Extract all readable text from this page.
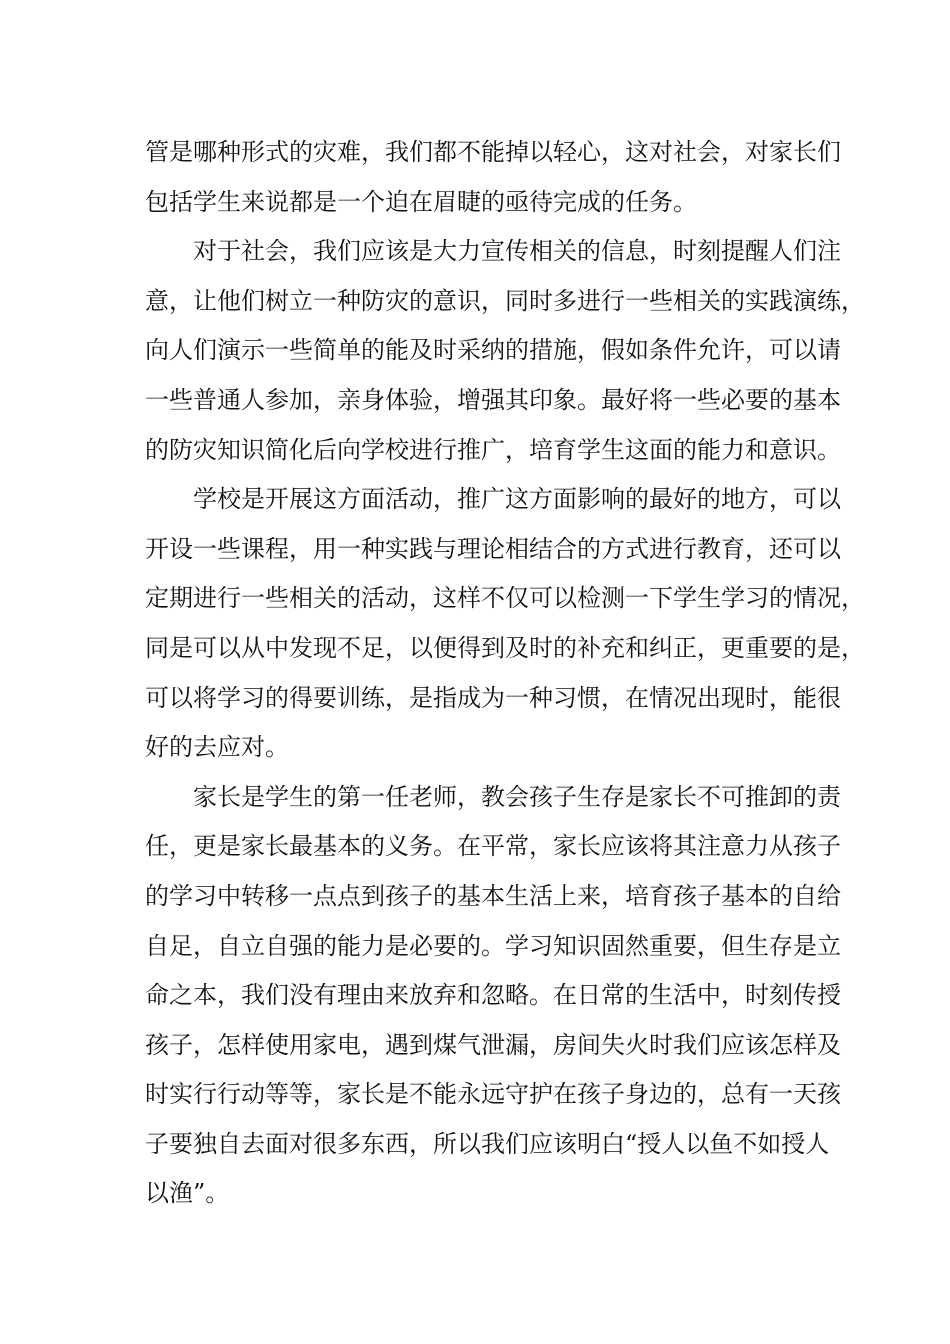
管是哪种形式的灾难，我们都不能掉以轻心，这对社会，对家长们
包括学生来说都是一个迫在眉睫的亟待完成的任务。
对于社会，我们应该是大力宣传相关的信息，时刻提醒人们注
意，让他们树立一种防灾的意识，同时多进行一些相关的实践演练，
向人们演示一些简单的能及时采纳的措施，假如条件允许，可以请
一些普通人参加，亲身体验，增强其印象。最好将一些必要的基本
的防灾知识简化后向学校进行推广，培育学生这面的能力和意识。
学校是开展这方面活动，推广这方面影响的最好的地方，可以
开设一些课程，用一种实践与理论相结合的方式进行教育，还可以
定期进行一些相关的活动，这样不仅可以检测一下学生学习的情况，
同是可以从中发现不足，以便得到及时的补充和纠正，更重要的是，
可以将学习的得要训练，是指成为一种习惯，在情况出现时，能很
好的去应对。
家长是学生的第一任老师，教会孩子生存是家长不可推卸的责
任，更是家长最基本的义务。在平常，家长应该将其注意力从孩子
的学习中转移一点点到孩子的基本生活上来，培育孩子基本的自给
自足，自立自强的能力是必要的。学习知识固然重要，但生存是立
命之本，我们没有理由来放弃和忽略。在日常的生活中，时刻传授
孩子，怎样使用家电，遇到煤气泄漏，房间失火时我们应该怎样及
时实行行动等等，家长是不能永远守护在孩子身边的，总有一天孩
子要独自去面对很多东西，所以我们应该明白“授人以鱼不如授人
以渔”。
